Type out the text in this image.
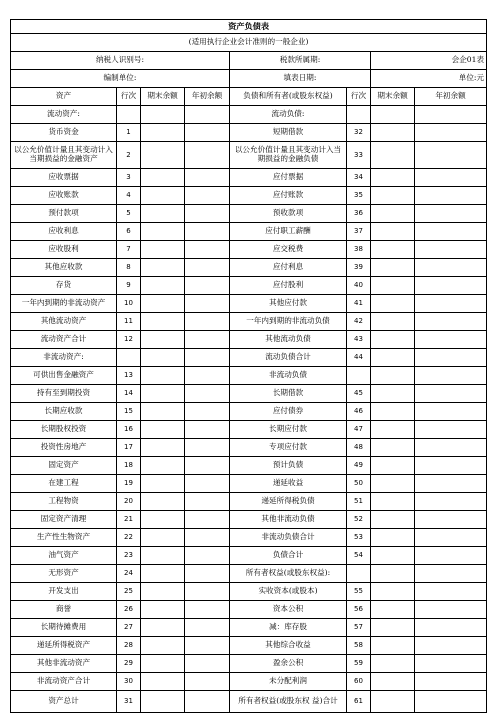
资产负债表							
(适用执行企业会计准则的一般企业)							
纳税人识别号:				税款所属期:		会企01表	
编制单位:				填表日期:		单位:元	
资产	行次	期末余额	年初余额	负债和所有者(或股东权益)	行次	期末余额	年初余额
流动资产:				流动负债:			
货币资金	1			短期借款	32		
以公允价值计量且其变动计入当期损益的金融资产	2			以公允价值计量且其变动计入当期损益的金融负债	33		
应收票据	3			应付票据	34		
应收账款	4			应付账款	35		
预付款项	5			预收款项	36		
应收利息	6			应付职工薪酬	37		
应收股利	7			应交税费	38		
其他应收款	8			应付利息	39		
存货	9			应付股利	40		
一年内到期的非流动资产	10			其他应付款	41		
其他流动资产	11			一年内到期的非流动负债	42		
流动资产合计	12			其他流动负债	43		
非流动资产:				流动负债合计	44		
可供出售金融资产	13			非流动负债			
持有至到期投资	14			长期借款	45		
长期应收款	15			应付债券	46		
长期股权投资	16			长期应付款	47		
投资性房地产	17			专项应付款	48		
固定资产	18			预计负债	49		
在建工程	19			递延收益	50		
工程物资	20			递延所得税负债	51		
固定资产清理	21			其他非流动负债	52		
生产性生物资产	22			非流动负债合计	53		
油气资产	23			负债合计	54		
无形资产	24			所有者权益(或股东权益):			
开发支出	25			实收资本(或股本)	55		
商誉	26			资本公积	56		
长期待摊费用	27			减：库存股	57		
递延所得税资产	28			其他综合收益	58		
其他非流动资产	29			盈余公积	59		
非流动资产合计	30			未分配利润	60		
资产总计	31			所有者权益(或股东权 益)合计	61		
